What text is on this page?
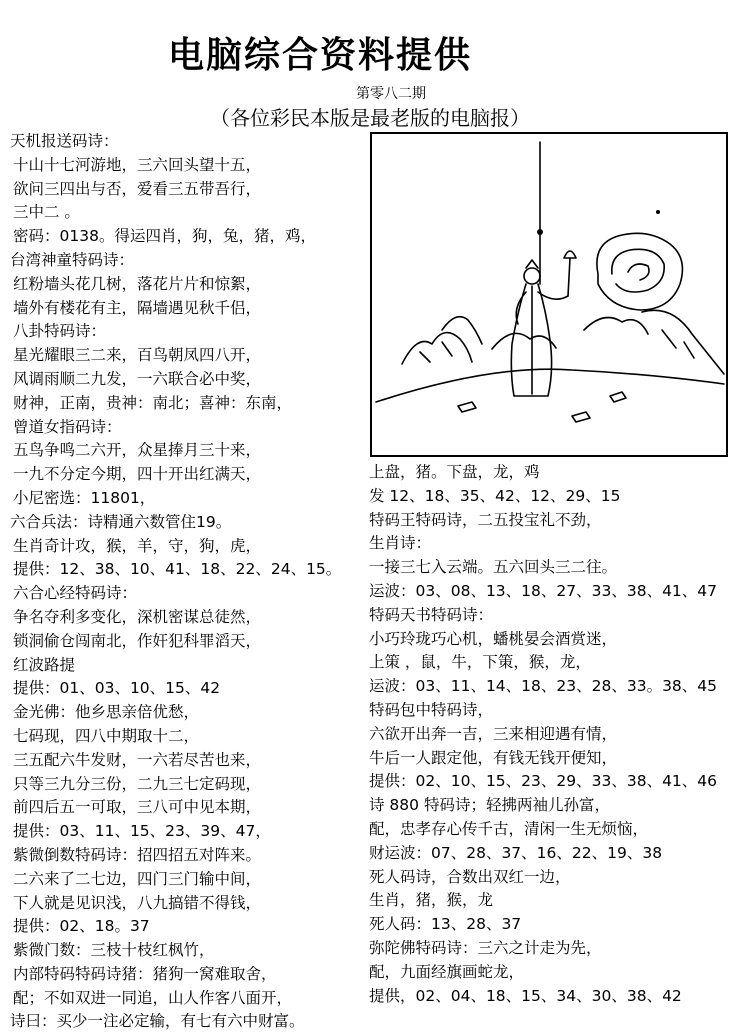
电脑综合资料提供
第零八二期
（各位彩民本版是最老版的电脑报）
天机报送码诗：
十山十七河游地，三六回头望十五，
欲问三四出与否，爱看三五带吾行，
三中二 。
密码：0138。得运四肖，狗，兔，猪，鸡，
台湾神童特码诗：
红粉墙头花几树，落花片片和惊絮，
墙外有楼花有主，隔墙遇见秋千侣，
八卦特码诗：
星光耀眼三二来，百鸟朝凤四八开，
风调雨顺二九发，一六联合必中奖，
财神，正南，贵神：南北；喜神：东南，
曾道女指码诗：
五鸟争鸣二六开，众星捧月三十来，
一九不分定今期，四十开出红满天，
小尼密选：11801，
六合兵法：诗精通六数管住19。
生肖奇计攻，猴，羊，守，狗，虎，
提供：12、38、10、41、18、22、24、15。
六合心经特码诗：
争名夺利多变化，深机密谋总徒然，
锁洞偷仓闯南北，作奸犯科罪滔天，
红波路提
提供：01、03、10、15、42
金光佛：他乡思亲倍优愁，
七码现，四八中期取十二，
三五配六牛发财，一六若尽苦也来，
只等三九分三份，二九三七定码现，
前四后五一可取，三八可中见本期，
提供：03、11、15、23、39、47，
紫微倒数特码诗：招四招五对阵来。
二六来了二七边，四门三门输中间，
下人就是见识浅，八九搞错不得钱，
提供：02、18。37
紫微门数：三枝十枝红枫竹，
内部特码特码诗猪：猪狗一窝难取舍，
配；不如双进一同追，山人作客八面开，
诗曰：买少一注必定输，有七有六中财富。
上盘，猪。下盘，龙，鸡
发 12、18、35、42、12、29、15
特码王特码诗，二五投宝礼不劲，
生肖诗：
一接三七入云端。五六回头三二往。
运波：03、08、13、18、27、33、38、41、47
特码天书特码诗：
小巧玲珑巧心机，蟠桃晏会酒赏迷，
上策 ，鼠，牛，下策，猴，龙，
运波：03、11、14、18、23、28、33。38、45
特码包中特码诗，
六欲开出奔一吉，三来相迎遇有情，
牛后一人跟定他，有钱无钱开便知，
提供：02、10、15、23、29、33、38、41、46
诗 880 特码诗；轻拂两袖儿孙富，
配，忠孝存心传千古，清闲一生无烦恼，
财运波：07、28、37、16、22、19、38
死人码诗，合数出双红一边，
生肖，猪，猴，龙
死人码：13、28、37
弥陀佛特码诗：三六之计走为先，
配，九面经旗画蛇龙，
提供，02、04、18、15、34、30、38、42
